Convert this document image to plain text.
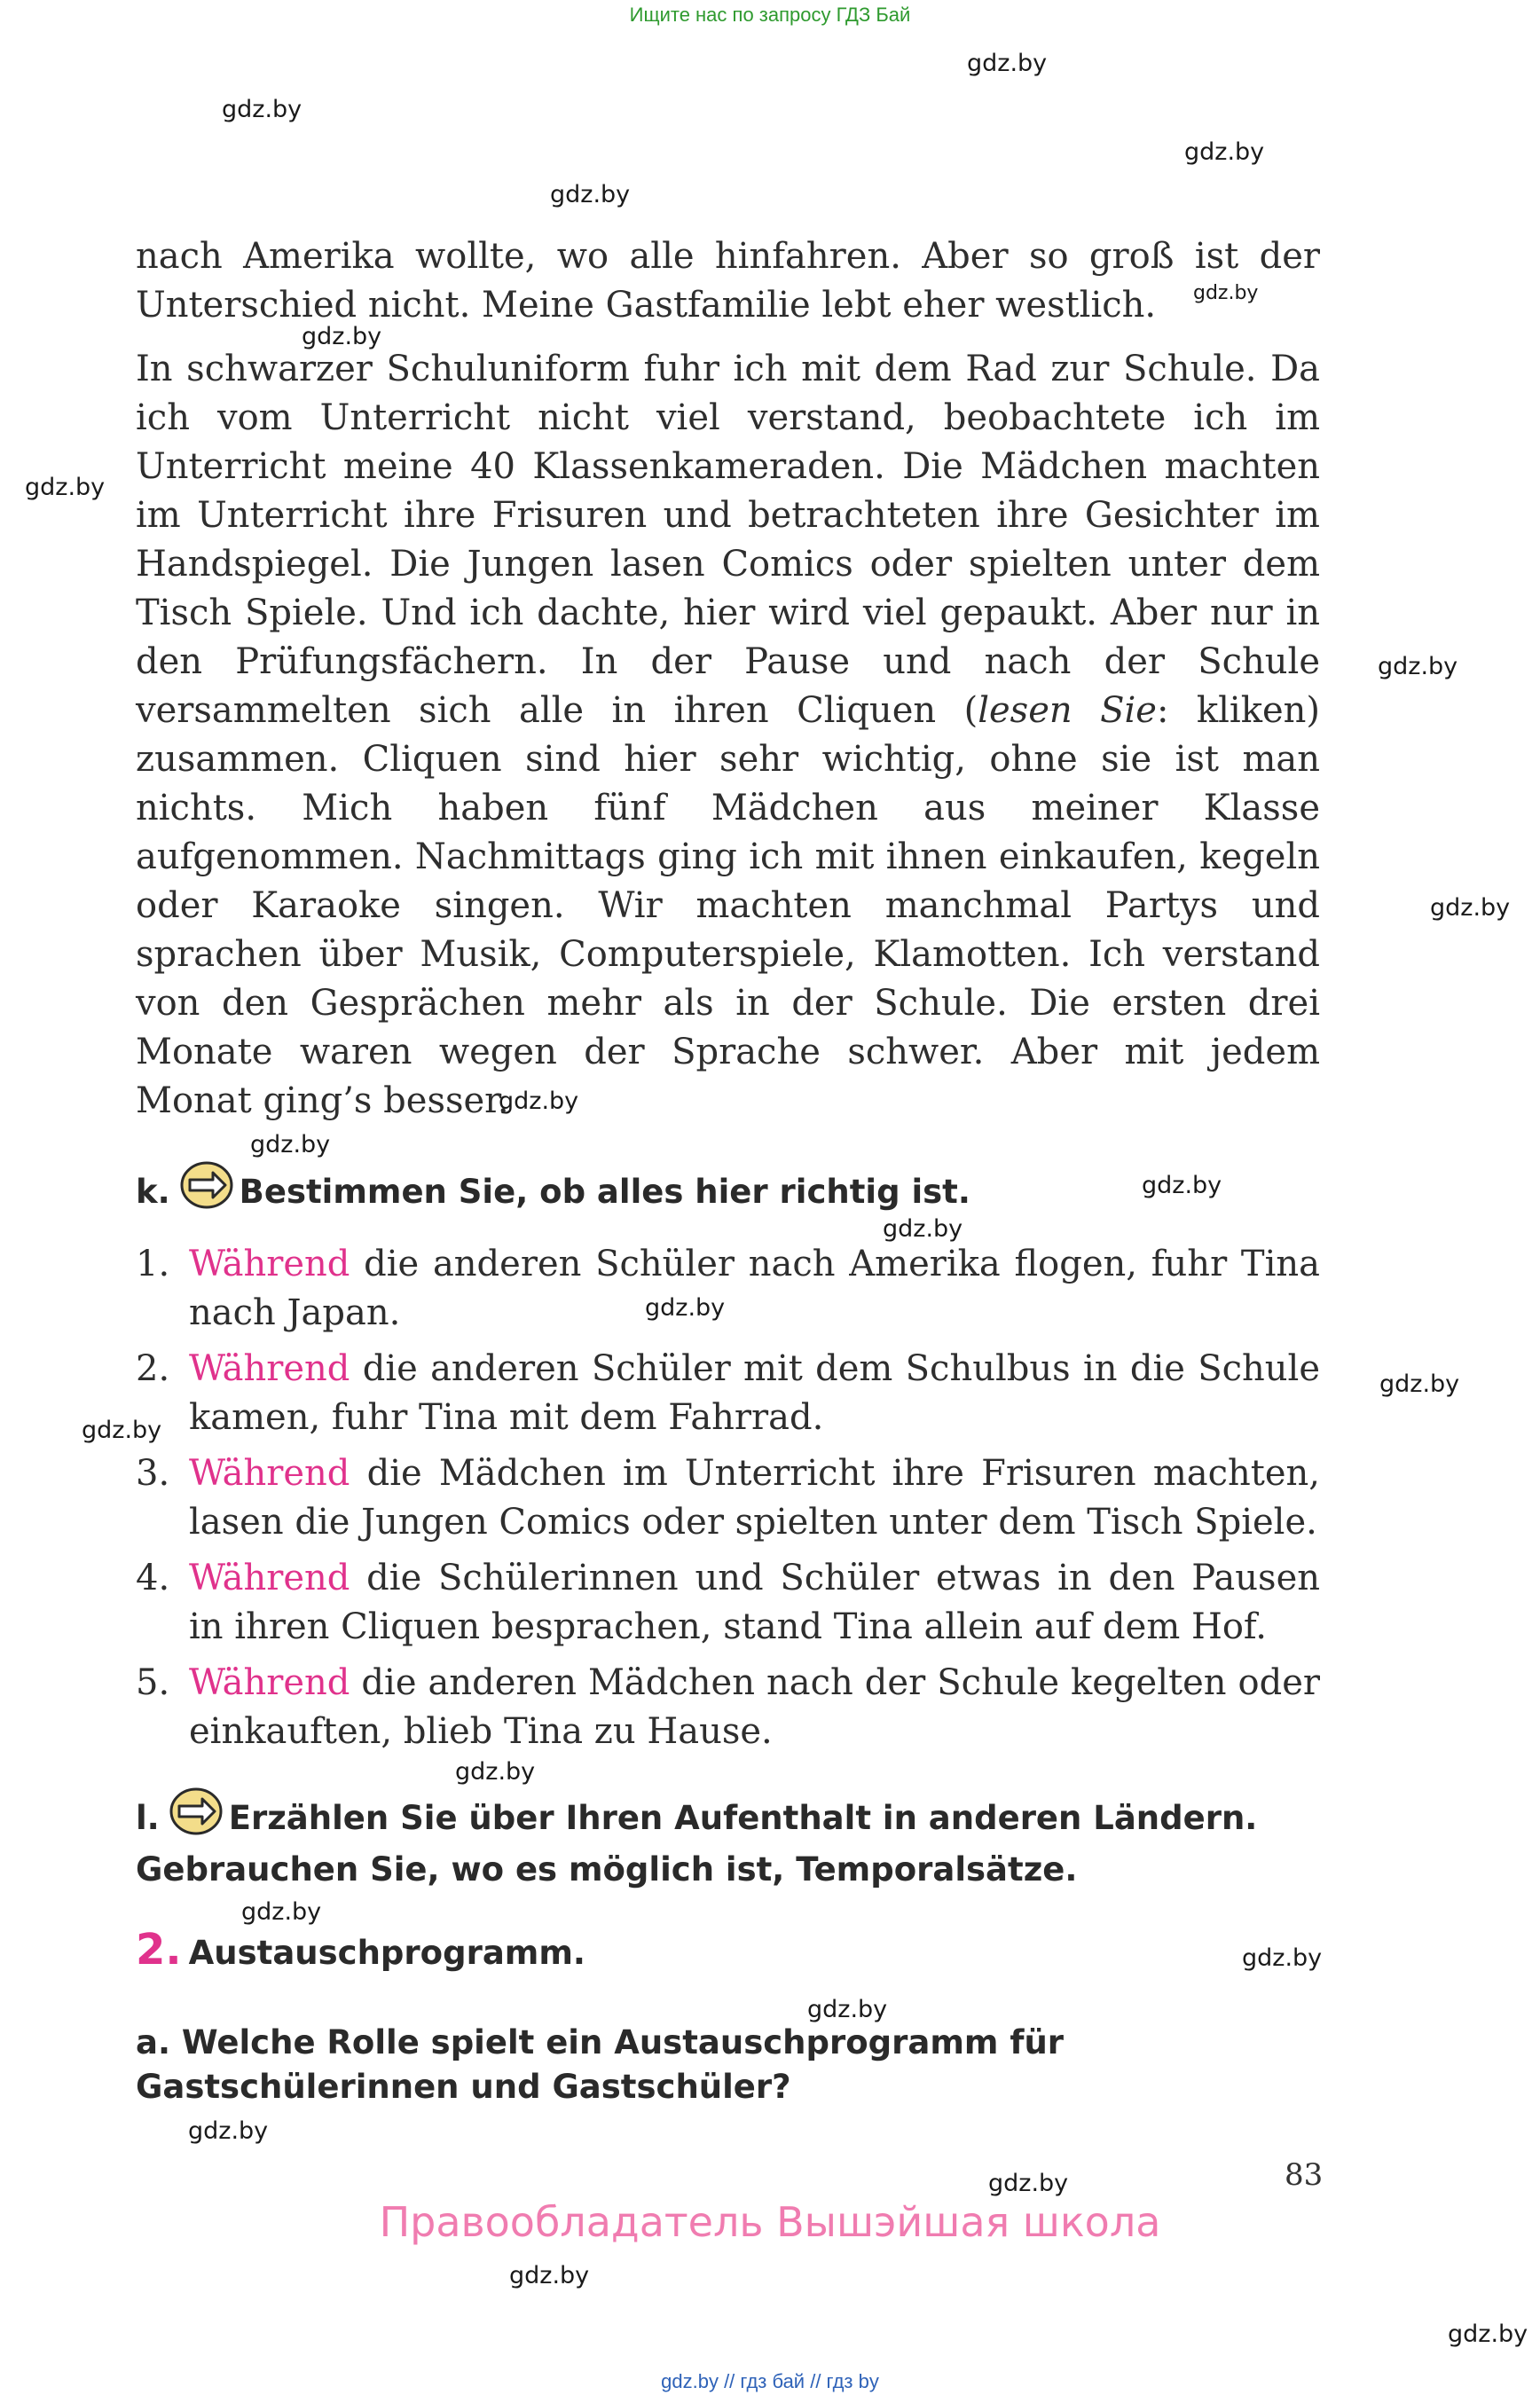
Ищите нас по запросу ГДЗ Бай
gdz.by
gdz.by
gdz.by
gdz.by
gdz.by
gdz.by
gdz.by
gdz.by
gdz.by
gdz.by
gdz.by
gdz.by
gdz.by
gdz.by
gdz.by
gdz.by
gdz.by
gdz.by
gdz.by
gdz.by
gdz.by
gdz.by
gdz.by
gdz.by

nach Amerika wollte, wo alle hinfahren. Aber so groß ist der Unterschied nicht. Meine Gastfamilie lebt eher westlich.

In schwarzer Schuluniform fuhr ich mit dem Rad zur Schule. Da ich vom Unterricht nicht viel verstand, beobachtete ich im Unterricht meine 40 Klassenkameraden. Die Mädchen machten im Unterricht ihre Frisuren und betrachteten ihre Gesichter im Handspiegel. Die Jungen lasen Comics oder spielten unter dem Tisch Spiele. Und ich dachte, hier wird viel gepaukt. Aber nur in den Prüfungsfächern. In der Pause und nach der Schule versammelten sich alle in ihren Cliquen (lesen Sie: kliken) zusammen. Cliquen sind hier sehr wichtig, ohne sie ist man nichts. Mich haben fünf Mädchen aus meiner Klasse aufgenommen. Nachmittags ging ich mit ihnen einkaufen, kegeln oder Karaoke singen. Wir machten manchmal Partys und sprachen über Musik, Computerspiele, Klamotten. Ich verstand von den Gesprächen mehr als in der Schule. Die ersten drei Monate waren wegen der Sprache schwer. Aber mit jedem Monat ging’s besser.

k. Bestimmen Sie, ob alles hier richtig ist.

1. Während die anderen Schüler nach Amerika flogen, fuhr Tina nach Japan.
2. Während die anderen Schüler mit dem Schulbus in die Schule kamen, fuhr Tina mit dem Fahrrad.
3. Während die Mädchen im Unterricht ihre Frisuren machten, lasen die Jungen Comics oder spielten unter dem Tisch Spiele.
4. Während die Schülerinnen und Schüler etwas in den Pausen in ihren Cliquen besprachen, stand Tina allein auf dem Hof.
5. Während die anderen Mädchen nach der Schule kegelten oder einkauften, blieb Tina zu Hause.

l. Erzählen Sie über Ihren Aufenthalt in anderen Ländern. Gebrauchen Sie, wo es möglich ist, Temporalsätze.

2. Austauschprogramm.

a. Welche Rolle spielt ein Austauschprogramm für Gastschülerinnen und Gastschüler?

83
Правообладатель Вышэйшая школа
gdz.by // гдз бай // гдз by
